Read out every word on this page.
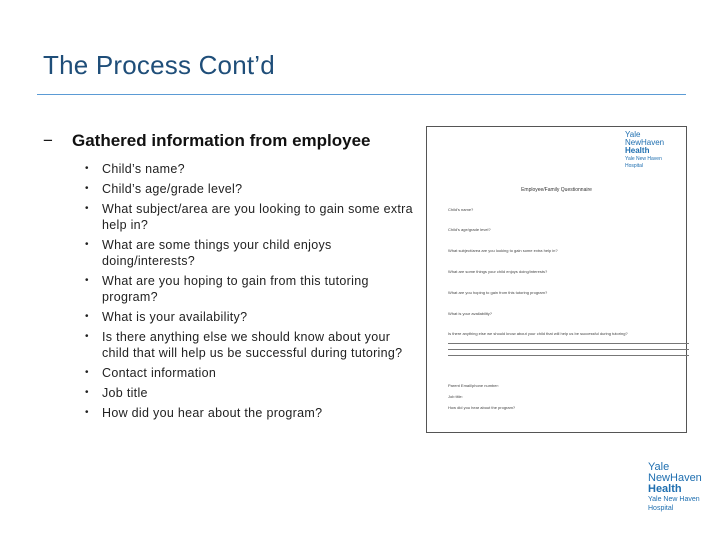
The Process Cont’d
−	Gathered information from employee
• Child’s name?
• Child’s age/grade level?
• What subject/area are you looking to gain some extra help in?
• What are some things your child enjoys doing/interests?
• What are you hoping to gain from this tutoring program?
• What is your availability?
• Is there anything else we should know about your child that will help us be successful during tutoring?
• Contact information
• Job title
• How did you hear about the program?
Yale
NewHaven
Health
Yale New Haven
Hospital
Employee/Family Questionnaire
Child’s name?
Child’s age/grade level?
What subject/area are you looking to gain some extra help in?
What are some things your child enjoys doing/interests?
What are you hoping to gain from this tutoring program?
What is your availability?
Is there anything else we should know about your child that will help us be successful during tutoring?
Parent Email/phone number:
Job title:
How did you hear about the program?
Yale
NewHaven
Health
Yale New Haven
Hospital
